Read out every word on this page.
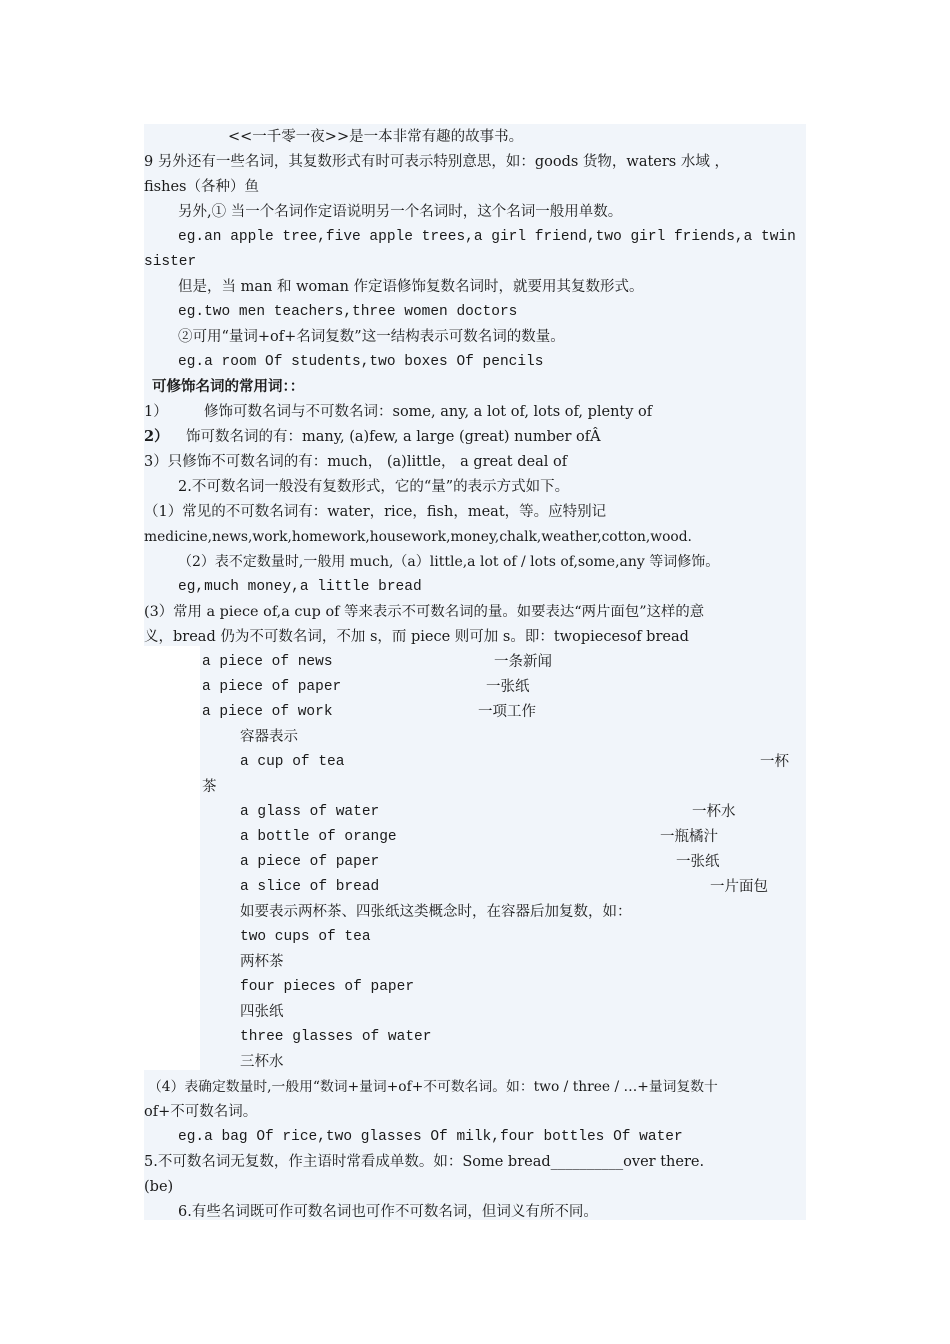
<<一千零一夜>>是一本非常有趣的故事书。
9 另外还有一些名词，其复数形式有时可表示特别意思，如：goods 货物，waters 水域 ，
fishes（各种）鱼
另外,① 当一个名词作定语说明另一个名词时，这个名词一般用单数。
eg.an apple tree,five apple trees,a girl friend,two girl friends,a twin
sister
但是，当 man 和 woman 作定语修饰复数名词时，就要用其复数形式。
eg.two men teachers,three women doctors
②可用“量词+of+名词复数”这一结构表示可数名词的数量。
eg.a room Of students,two boxes Of pencils
可修饰名词的常用词：：
1）	修饰可数名词与不可数名词：some, any, a lot of, lots of, plenty of
2） 饰可数名词的有：many, (a)few, a large (great) number ofÂ
3）只修饰不可数名词的有：much， (a)little， a great deal of
2.不可数名词一般没有复数形式，它的“量”的表示方式如下。
（1）常见的不可数名词有：water，rice，fish，meat，等。应特别记
medicine,news,work,homework,housework,money,chalk,weather,cotton,wood.
（2）表不定数量时,一般用 much,（a）little,a lot of / lots of,some,any 等词修饰。
eg,much money,a little bread
(3）常用 a piece of,a cup of 等来表示不可数名词的量。如要表达“两片面包”这样的意
义，bread 仍为不可数名词，不加 s，而 piece 则可加 s。即：twopiecesof bread
a piece of news	一条新闻
a piece of paper	一张纸
a piece of work	一项工作
容器表示
a cup of tea	一杯
茶
a glass of water	一杯水
a bottle of orange	一瓶橘汁
a piece of paper	一张纸
a slice of bread	一片面包
如要表示两杯茶、四张纸这类概念时，在容器后加复数，如：
two cups of tea
两杯茶
four pieces of paper
四张纸
three glasses of water
三杯水
（4）表确定数量时,一般用“数词+量词+of+不可数名词。如：two / three / …+量词复数十
of+不可数名词。
eg.a bag Of rice,two glasses Of milk,four bottles Of water
5.不可数名词无复数，作主语时常看成单数。如：Some bread__________over there.
(be)
6.有些名词既可作可数名词也可作不可数名词，但词义有所不同。
